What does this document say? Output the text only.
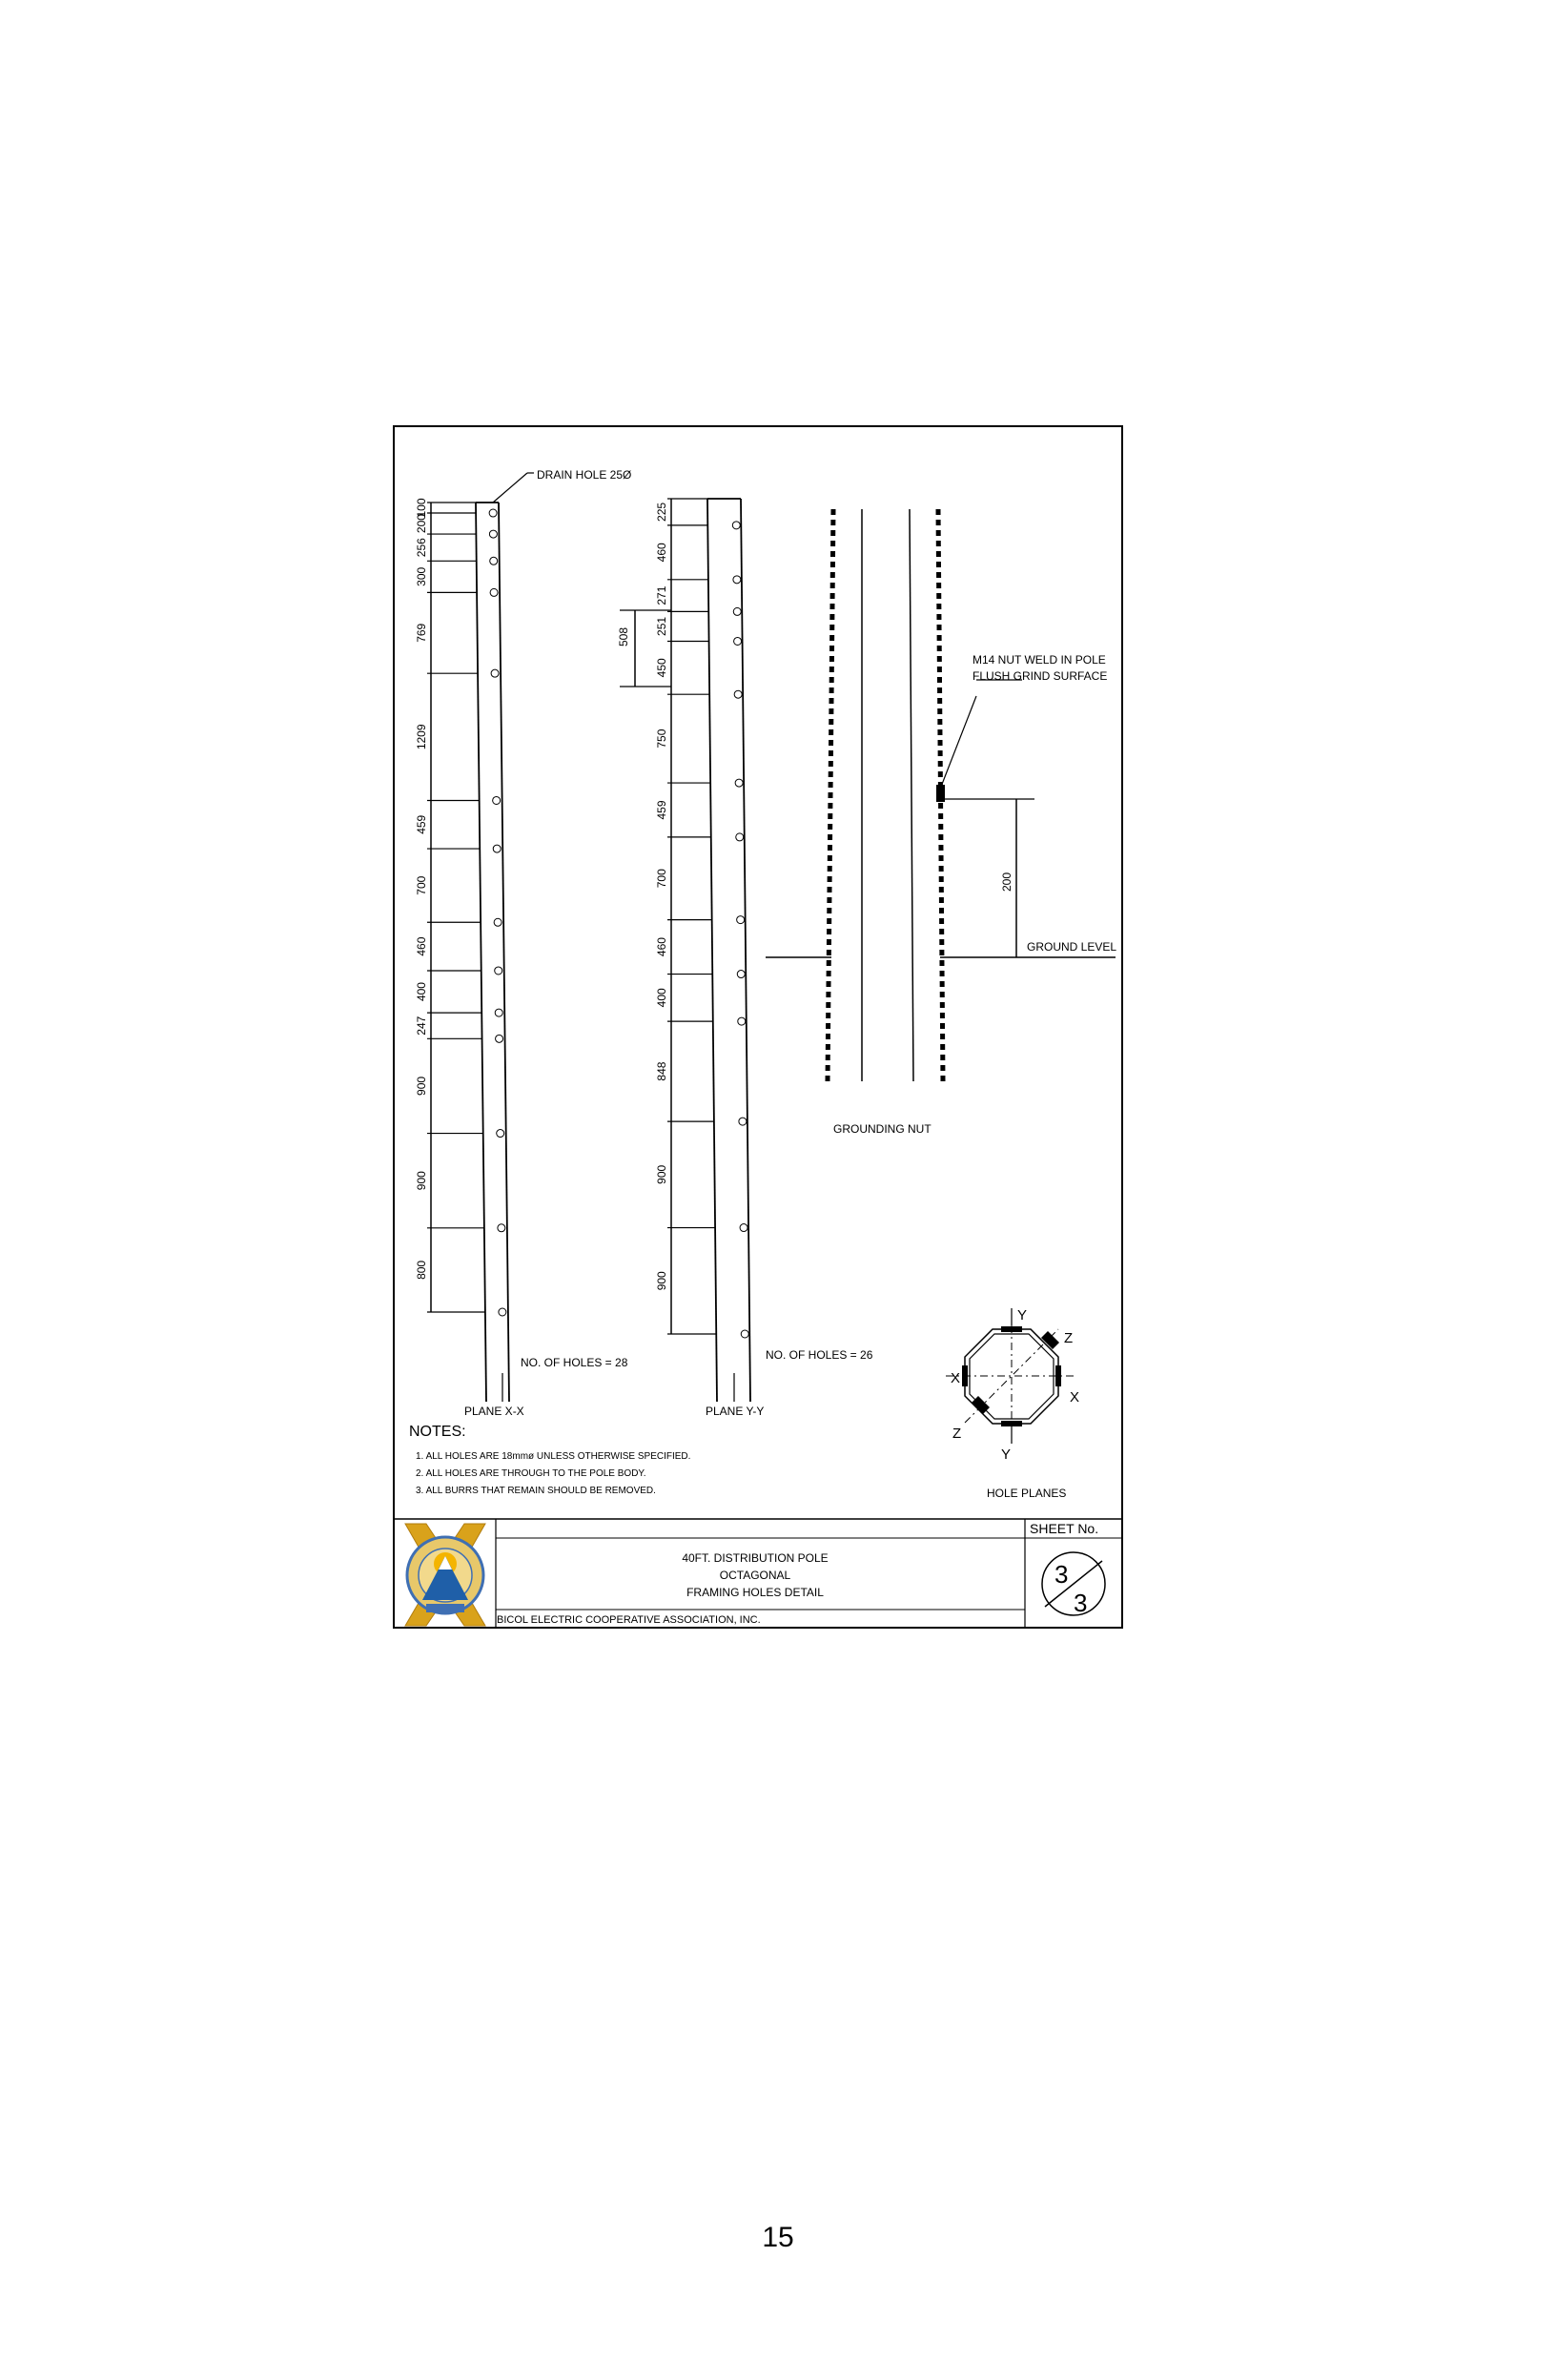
100
200
256
300
769
1209
459
700
460
400
247
900
900
800
DRAIN HOLE 25Ø
NO. OF HOLES = 28
PLANE X-X
225
460
271
251
450
750
459
700
460
400
848
900
900
508
NO. OF HOLES = 26
PLANE Y-Y
M14 NUT WELD IN POLE
FLUSH GRIND SURFACE
200
GROUND LEVEL
GROUNDING NUT
Y
Z
X
X
Z
Y
HOLE PLANES
NOTES:
1. ALL HOLES ARE 18mmø UNLESS OTHERWISE SPECIFIED.
2. ALL HOLES ARE THROUGH TO THE POLE BODY.
3. ALL BURRS THAT REMAIN SHOULD BE REMOVED.
40FT. DISTRIBUTION POLE
OCTAGONAL
FRAMING HOLES DETAIL
BICOL ELECTRIC COOPERATIVE ASSOCIATION, INC.
SHEET No.
3
3
15
